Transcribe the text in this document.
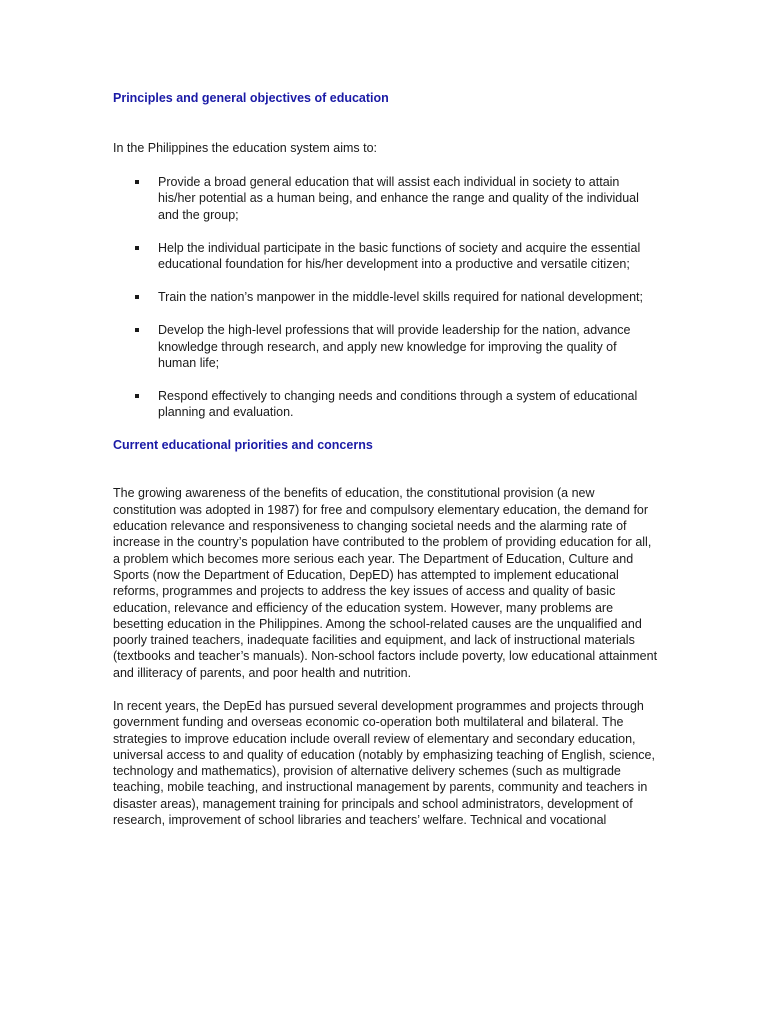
Principles and general objectives of education

In the Philippines the education system aims to:

Provide a broad general education that will assist each individual in society to attain his/her potential as a human being, and enhance the range and quality of the individual and the group;
Help the individual participate in the basic functions of society and acquire the essential educational foundation for his/her development into a productive and versatile citizen;
Train the nation’s manpower in the middle-level skills required for national development;
Develop the high-level professions that will provide leadership for the nation, advance knowledge through research, and apply new knowledge for improving the quality of human life;
Respond effectively to changing needs and conditions through a system of educational planning and evaluation.
Current educational priorities and concerns

The growing awareness of the benefits of education, the constitutional provision (a new constitution was adopted in 1987) for free and compulsory elementary education, the demand for education relevance and responsiveness to changing societal needs and the alarming rate of increase in the country’s population have contributed to the problem of providing education for all, a problem which becomes more serious each year. The Department of Education, Culture and Sports (now the Department of Education, DepED) has attempted to implement educational reforms, programmes and projects to address the key issues of access and quality of basic education, relevance and efficiency of the education system. However, many problems are besetting education in the Philippines. Among the school-related causes are the unqualified and poorly trained teachers, inadequate facilities and equipment, and lack of instructional materials (textbooks and teacher’s manuals). Non-school factors include poverty, low educational attainment and illiteracy of parents, and poor health and nutrition.

In recent years, the DepEd has pursued several development programmes and projects through government funding and overseas economic co-operation both multilateral and bilateral. The strategies to improve education include overall review of elementary and secondary education, universal access to and quality of education (notably by emphasizing teaching of English, science, technology and mathematics), provision of alternative delivery schemes (such as multigrade teaching, mobile teaching, and instructional management by parents, community and teachers in disaster areas), management training for principals and school administrators, development of research, improvement of school libraries and teachers’ welfare. Technical and vocational
